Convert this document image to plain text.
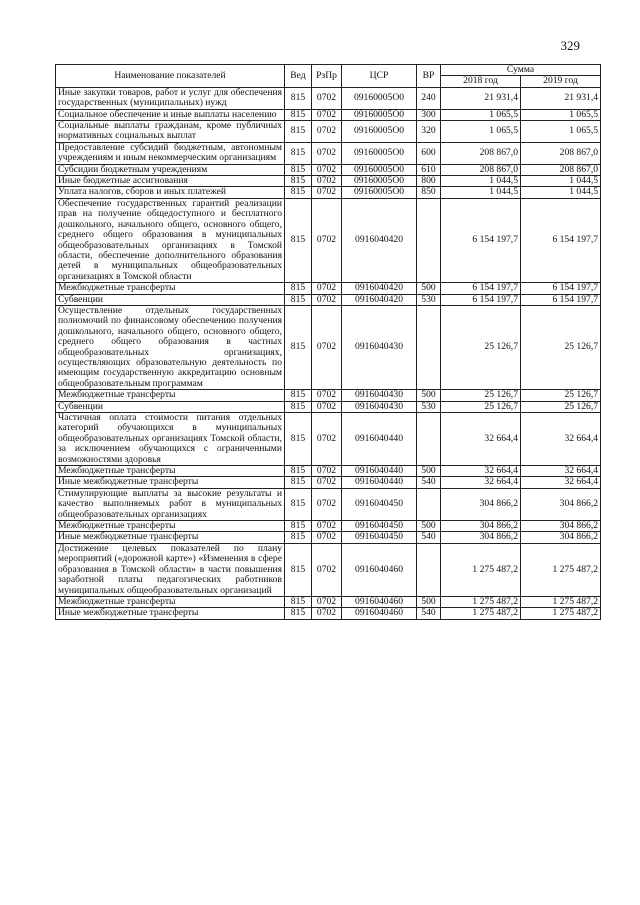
329
Наименование показателей	Вед	РзПр	ЦСР	ВР	Сумма	
					2018 год	2019 год
Иные закупки товаров, работ и услуг для обеспечения государственных (муниципальных) нужд	815	0702	09160005О0	240	21 931,4	21 931,4
Социальное обеспечение и иные выплаты населению	815	0702	09160005О0	300	1 065,5	1 065,5
Социальные выплаты гражданам, кроме публичных нормативных социальных выплат	815	0702	09160005О0	320	1 065,5	1 065,5
Предоставление субсидий бюджетным, автономным учреждениям и иным некоммерческим организациям	815	0702	09160005О0	600	208 867,0	208 867,0
Субсидии бюджетным учреждениям	815	0702	09160005О0	610	208 867,0	208 867,0
Иные бюджетные ассигнования	815	0702	09160005О0	800	1 044,5	1 044,5
Уплата налогов, сборов и иных платежей	815	0702	09160005О0	850	1 044,5	1 044,5
Обеспечение государственных гарантий реализации прав на получение общедоступного и бесплатного дошкольного, начального общего, основного общего, среднего общего образования в муниципальных общеобразовательных организациях в Томской области, обеспечение дополнительного образования детей в муниципальных общеобразовательных организациях в Томской области	815	0702	0916040420		6 154 197,7	6 154 197,7
Межбюджетные трансферты	815	0702	0916040420	500	6 154 197,7	6 154 197,7
Субвенции	815	0702	0916040420	530	6 154 197,7	6 154 197,7
Осуществление отдельных государственных полномочий по финансовому обеспечению получения дошкольного, начального общего, основного общего, среднего общего образования в частных общеобразовательных организациях, осуществляющих образовательную деятельность по имеющим государственную аккредитацию основным общеобразовательным программам	815	0702	0916040430		25 126,7	25 126,7
Межбюджетные трансферты	815	0702	0916040430	500	25 126,7	25 126,7
Субвенции	815	0702	0916040430	530	25 126,7	25 126,7
Частичная оплата стоимости питания отдельных категорий обучающихся в муниципальных общеобразовательных организациях Томской области, за исключением обучающихся с ограниченными возможностями здоровья	815	0702	0916040440		32 664,4	32 664,4
Межбюджетные трансферты	815	0702	0916040440	500	32 664,4	32 664,4
Иные межбюджетные трансферты	815	0702	0916040440	540	32 664,4	32 664,4
Стимулирующие выплаты за высокие результаты и качество выполняемых работ в муниципальных общеобразовательных организациях	815	0702	0916040450		304 866,2	304 866,2
Межбюджетные трансферты	815	0702	0916040450	500	304 866,2	304 866,2
Иные межбюджетные трансферты	815	0702	0916040450	540	304 866,2	304 866,2
Достижение целевых показателей по плану мероприятий («дорожной карте») «Изменения в сфере образования в Томской области» в части повышения заработной платы педагогических работников муниципальных общеобразовательных организаций	815	0702	0916040460		1 275 487,2	1 275 487,2
Межбюджетные трансферты	815	0702	0916040460	500	1 275 487,2	1 275 487,2
Иные межбюджетные трансферты	815	0702	0916040460	540	1 275 487,2	1 275 487,2
